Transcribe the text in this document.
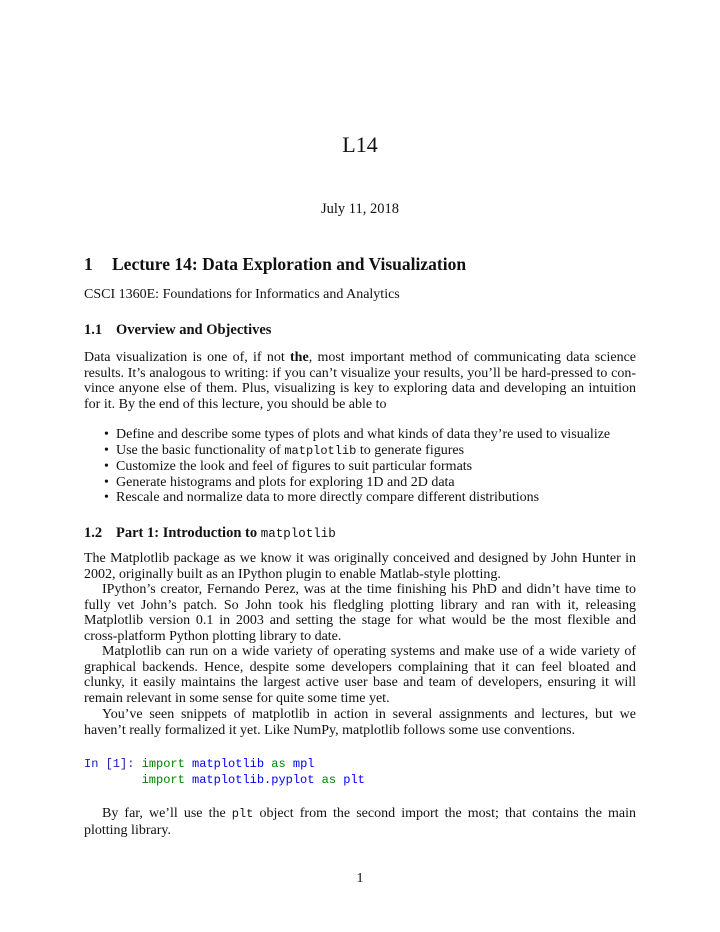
L14
July 11, 2018
1 Lecture 14: Data Exploration and Visualization
CSCI 1360E: Foundations for Informatics and Analytics
1.1 Overview and Objectives

Data visualization is one of, if not the, most important method of communicating data science results. It’s analogous to writing: if you can’t visualize your results, you’ll be hard-pressed to con-vince anyone else of them. Plus, visualizing is key to exploring data and developing an intuition for it. By the end of this lecture, you should be able to

• Define and describe some types of plots and what kinds of data they’re used to visualize
• Use the basic functionality of matplotlib to generate figures
• Customize the look and feel of figures to suit particular formats
• Generate histograms and plots for exploring 1D and 2D data
• Rescale and normalize data to more directly compare different distributions
1.2 Part 1: Introduction to matplotlib

The Matplotlib package as we know it was originally conceived and designed by John Hunter in 2002, originally built as an IPython plugin to enable Matlab-style plotting.

IPython’s creator, Fernando Perez, was at the time finishing his PhD and didn’t have time to fully vet John’s patch. So John took his fledgling plotting library and ran with it, releasing Matplotlib version 0.1 in 2003 and setting the stage for what would be the most flexible and cross-platform Python plotting library to date.

Matplotlib can run on a wide variety of operating systems and make use of a wide variety of graphical backends. Hence, despite some developers complaining that it can feel bloated and clunky, it easily maintains the largest active user base and team of developers, ensuring it will remain relevant in some sense for quite some time yet.

You’ve seen snippets of matplotlib in action in several assignments and lectures, but we haven’t really formalized it yet. Like NumPy, matplotlib follows some use conventions.

In [1]: import matplotlib as mpl
import matplotlib.pyplot as plt

By far, we’ll use the plt object from the second import the most; that contains the main plotting library.

1
